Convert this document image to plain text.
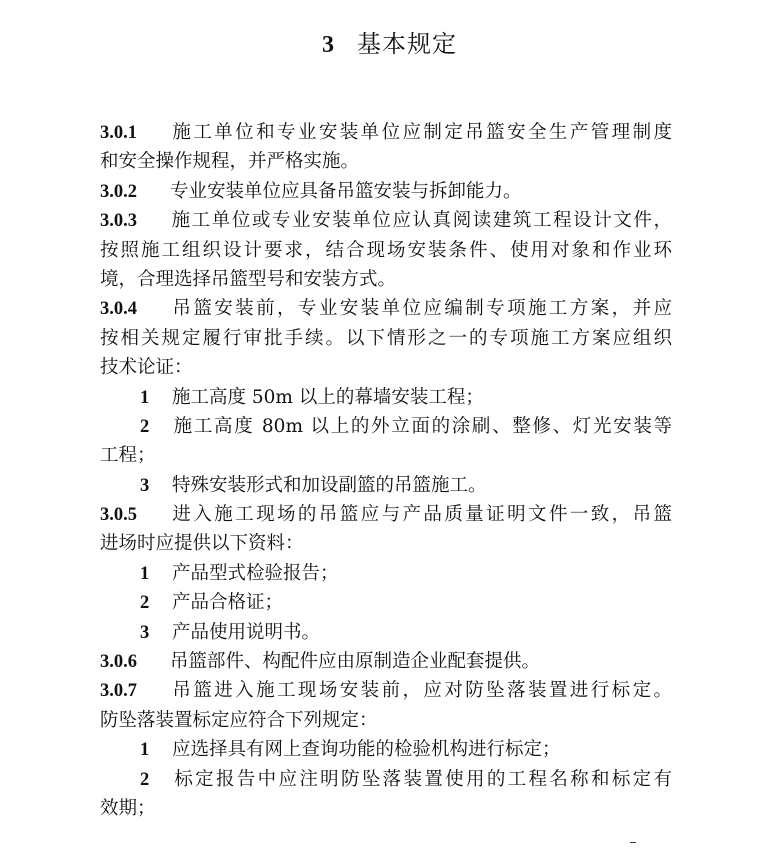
3 基本规定
3.0.1 施工单位和专业安装单位应制定吊篮安全生产管理制度
和安全操作规程，并严格实施。
3.0.2 专业安装单位应具备吊篮安装与拆卸能力。
3.0.3 施工单位或专业安装单位应认真阅读建筑工程设计文件，
按照施工组织设计要求，结合现场安装条件、使用对象和作业环
境，合理选择吊篮型号和安装方式。
3.0.4 吊篮安装前，专业安装单位应编制专项施工方案，并应
按相关规定履行审批手续。以下情形之一的专项施工方案应组织
技术论证：
1 施工高度 50m 以上的幕墙安装工程；
2 施工高度 80m 以上的外立面的涂刷、整修、灯光安装等
工程；
3 特殊安装形式和加设副篮的吊篮施工。
3.0.5 进入施工现场的吊篮应与产品质量证明文件一致，吊篮
进场时应提供以下资料：
1 产品型式检验报告；
2 产品合格证；
3 产品使用说明书。
3.0.6 吊篮部件、构配件应由原制造企业配套提供。
3.0.7 吊篮进入施工现场安装前，应对防坠落装置进行标定。
防坠落装置标定应符合下列规定：
1 应选择具有网上查询功能的检验机构进行标定；
2 标定报告中应注明防坠落装置使用的工程名称和标定有
效期；
